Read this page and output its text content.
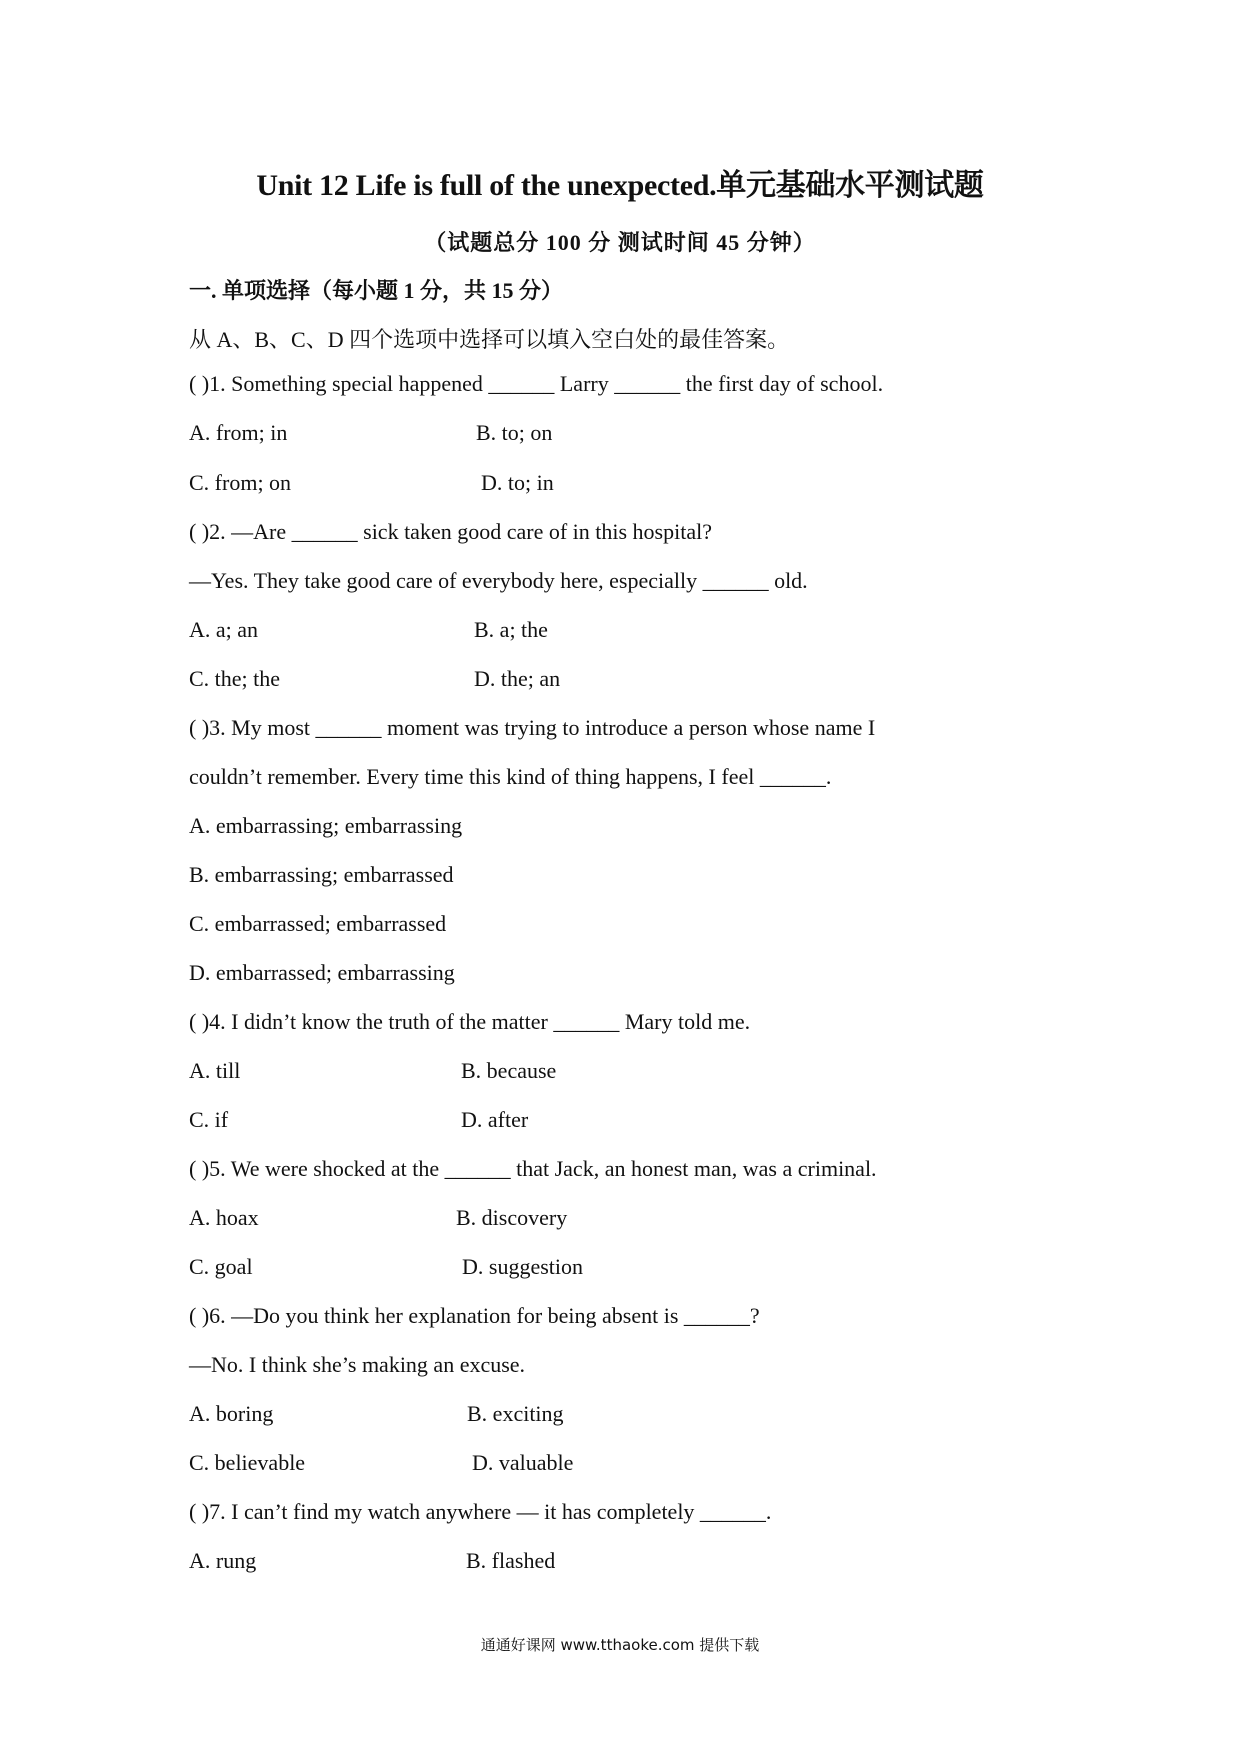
Unit 12 Life is full of the unexpected.单元基础水平测试题
（试题总分 100 分 测试时间 45 分钟）
一. 单项选择（每小题 1 分，共 15 分）
从 A、B、C、D 四个选项中选择可以填入空白处的最佳答案。
( )1. Something special happened ______ Larry ______ the first day of school.
A. from; in	B. to; on
C. from; on	D. to; in
( )2. —Are ______ sick taken good care of in this hospital?
—Yes. They take good care of everybody here, especially ______ old.
A. a; an	B. a; the
C. the; the	D. the; an
( )3. My most ______ moment was trying to introduce a person whose name I
couldn’t remember. Every time this kind of thing happens, I feel ______.
A. embarrassing; embarrassing
B. embarrassing; embarrassed
C. embarrassed; embarrassed
D. embarrassed; embarrassing
( )4. I didn’t know the truth of the matter ______ Mary told me.
A. till	B. because
C. if	D. after
( )5. We were shocked at the ______ that Jack, an honest man, was a criminal.
A. hoax	B. discovery
C. goal	D. suggestion
( )6. —Do you think her explanation for being absent is ______?
—No. I think she’s making an excuse.
A. boring	B. exciting
C. believable	D. valuable
( )7. I can’t find my watch anywhere — it has completely ______.
A. rung	B. flashed
通通好课网 www.tthaoke.com 提供下载
